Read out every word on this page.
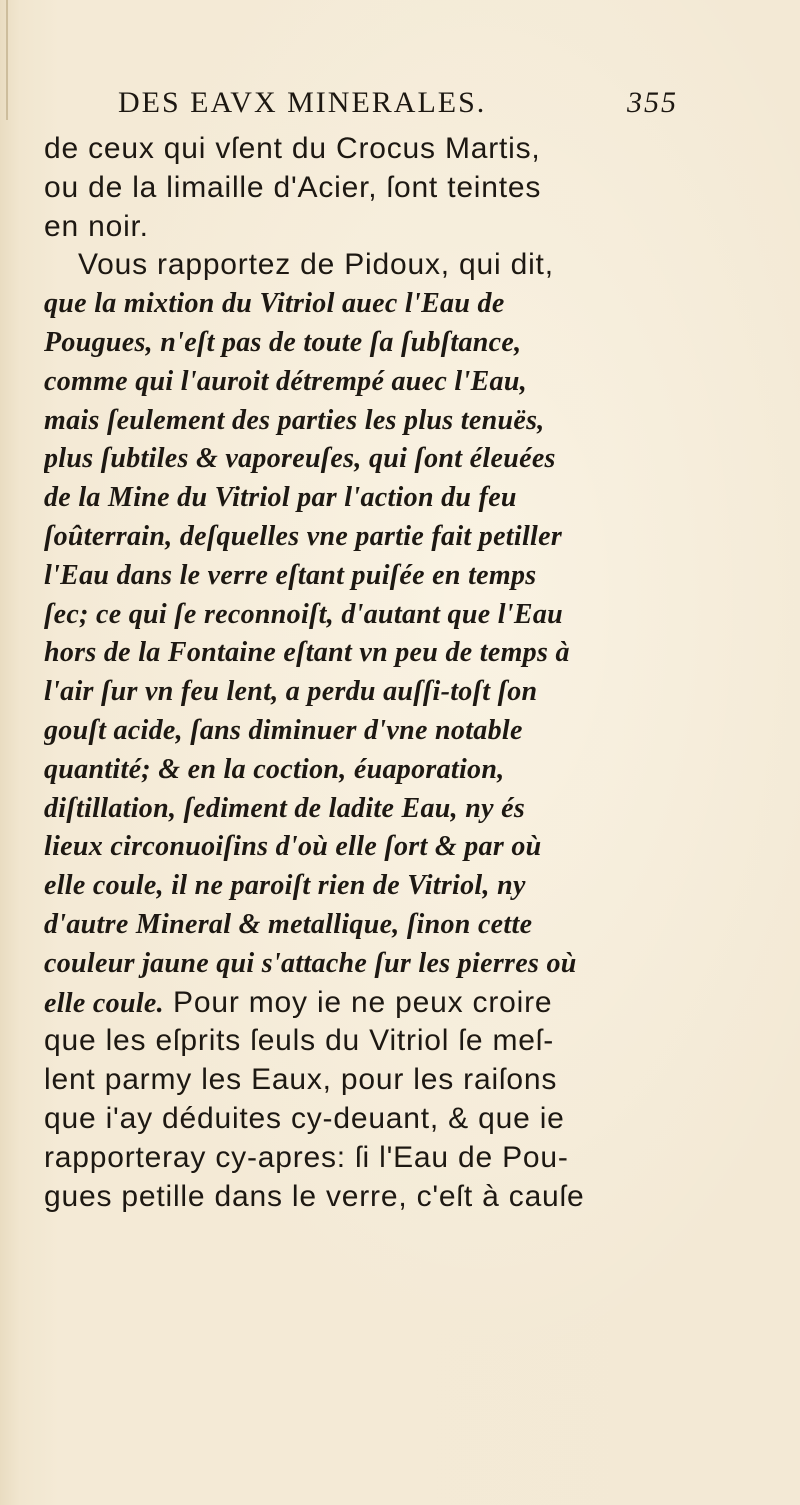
DES EAVX MINERALES.	355
de ceux qui vſent du Crocus Martis,
ou de la limaille d'Acier, ſont teintes
en noir.
Vous rapportez de Pidoux, qui dit,
que la mixtion du Vitriol auec l'Eau de
Pougues, n'eſt pas de toute ſa ſubſtance,
comme qui l'auroit détrempé auec l'Eau,
mais ſeulement des parties les plus tenuës,
plus ſubtiles & vaporeuſes, qui ſont éleuées
de la Mine du Vitriol par l'action du feu
ſoûterrain, deſquelles vne partie fait petiller
l'Eau dans le verre eſtant puiſée en temps
ſec; ce qui ſe reconnoiſt, d'autant que l'Eau
hors de la Fontaine eſtant vn peu de temps à
l'air ſur vn feu lent, a perdu auſſi-toſt ſon
gouſt acide, ſans diminuer d'vne notable
quantité; & en la coction, éuaporation,
diſtillation, ſediment de ladite Eau, ny és
lieux circonuoiſins d'où elle ſort & par où
elle coule, il ne paroiſt rien de Vitriol, ny
d'autre Mineral & metallique, ſinon cette
couleur jaune qui s'attache ſur les pierres où
elle coule. Pour moy ie ne peux croire
que les eſprits ſeuls du Vitriol ſe meſ-
lent parmy les Eaux, pour les raiſons
que i'ay déduites cy-deuant, & que ie
rapporteray cy-apres: ſi l'Eau de Pou-
gues petille dans le verre, c'eſt à cauſe
